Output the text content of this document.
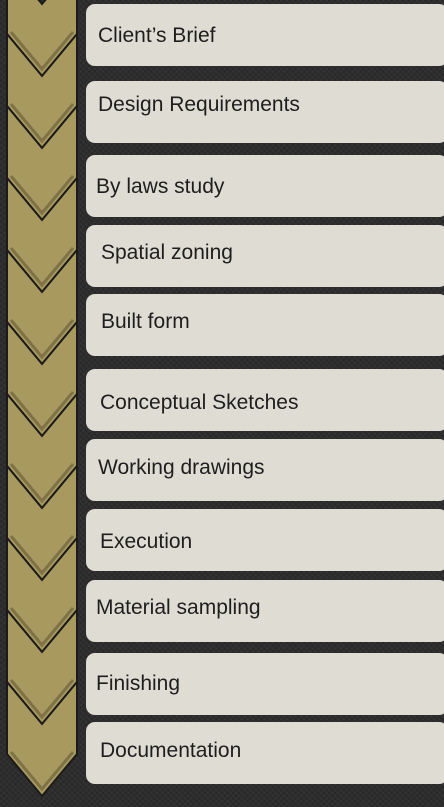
Client’s Brief
Design Requirements
By laws study
Spatial zoning
Built form
Conceptual Sketches
Working drawings
Execution
Material sampling
Finishing
Documentation
